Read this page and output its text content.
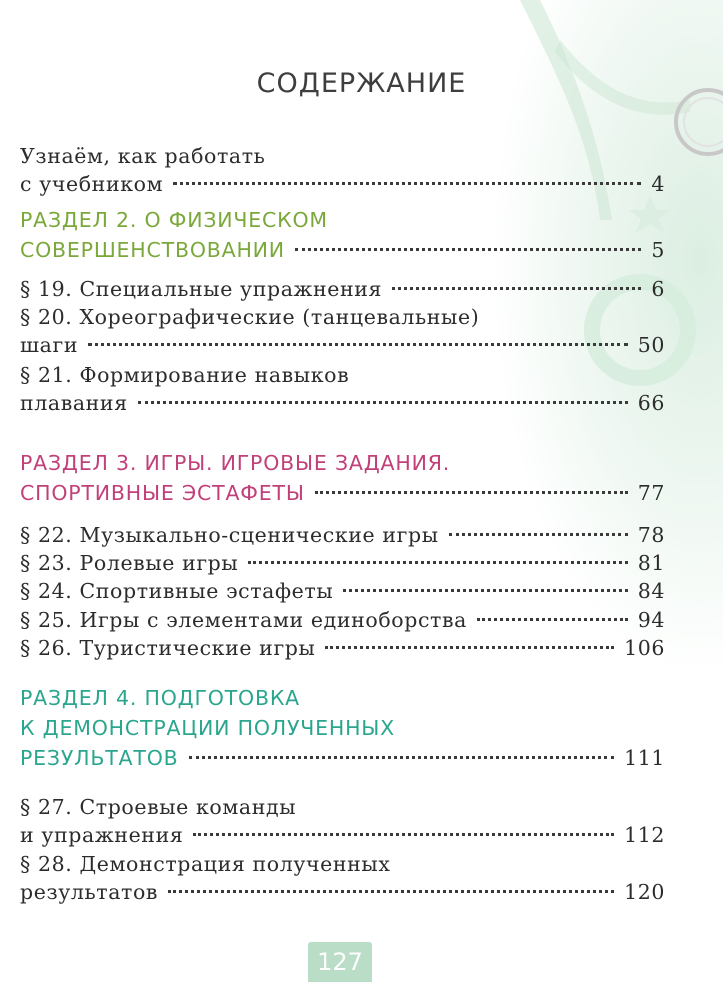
СОДЕРЖАНИЕ
Узнаём, как работать
с учебником	4
РАЗДЕЛ 2. О ФИЗИЧЕСКОМ
СОВЕРШЕНСТВОВАНИИ	5
§ 19. Специальные упражнения	6
§ 20. Хореографические (танцевальные)
шаги	50
§ 21. Формирование навыков
плавания	66
РАЗДЕЛ 3. ИГРЫ. ИГРОВЫЕ ЗАДАНИЯ.
СПОРТИВНЫЕ ЭСТАФЕТЫ	77
§ 22. Музыкально-сценические игры	78
§ 23. Ролевые игры	81
§ 24. Спортивные эстафеты	84
§ 25. Игры с элементами единоборства	94
§ 26. Туристические игры	106
РАЗДЕЛ 4. ПОДГОТОВКА
К ДЕМОНСТРАЦИИ ПОЛУЧЕННЫХ
РЕЗУЛЬТАТОВ	111
§ 27. Строевые команды
и упражнения	112
§ 28. Демонстрация полученных
результатов	120
127
